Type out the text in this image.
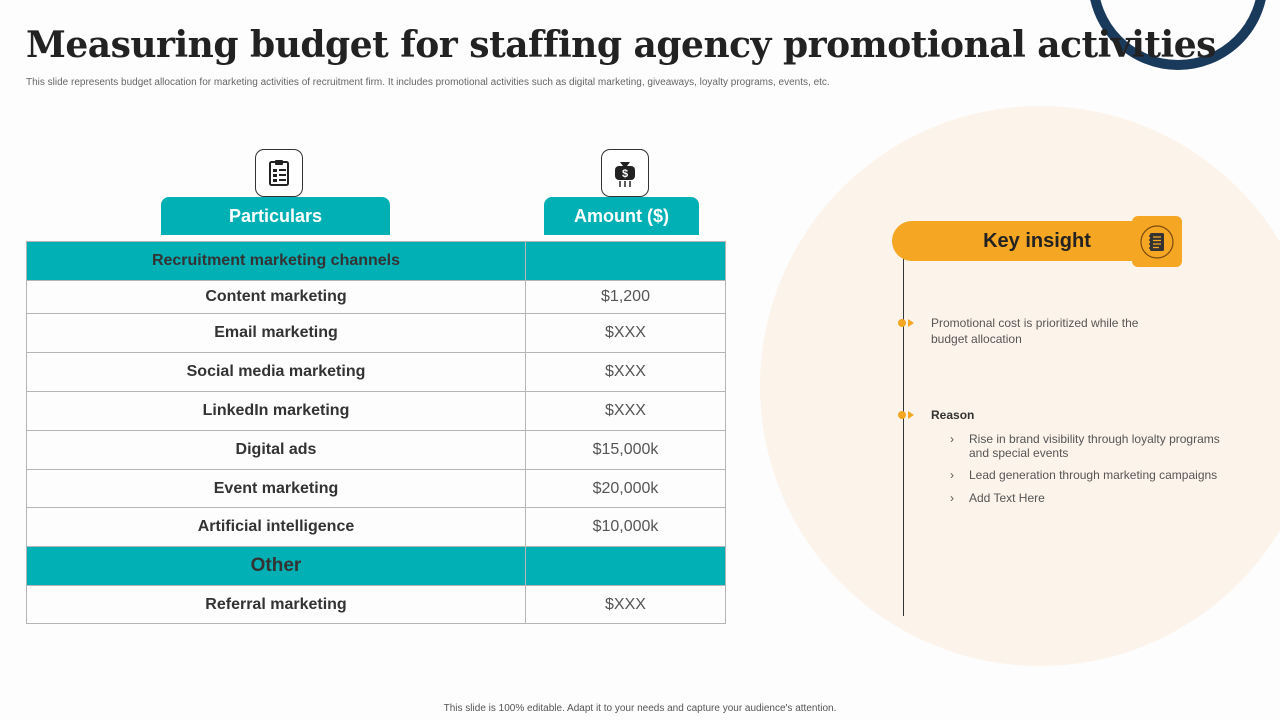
Measuring budget for staffing agency promotional activities

This slide represents budget allocation for marketing activities of recruitment firm. It includes promotional activities such as digital marketing, giveaways, loyalty programs, events, etc.

$
Particulars	Amount ($)
Recruitment marketing channels	
Content marketing	$1,200
Email marketing	$XXX
Social media marketing	$XXX
LinkedIn marketing	$XXX
Digital ads	$15,000k
Event marketing	$20,000k
Artificial intelligence	$10,000k
Other	
Referral marketing	$XXX
Key insight
Promotional cost is prioritized while the budget allocation
Reason
› Rise in brand visibility through loyalty programs and special events
› Lead generation through marketing campaigns
› Add Text Here
This slide is 100% editable. Adapt it to your needs and capture your audience's attention.
